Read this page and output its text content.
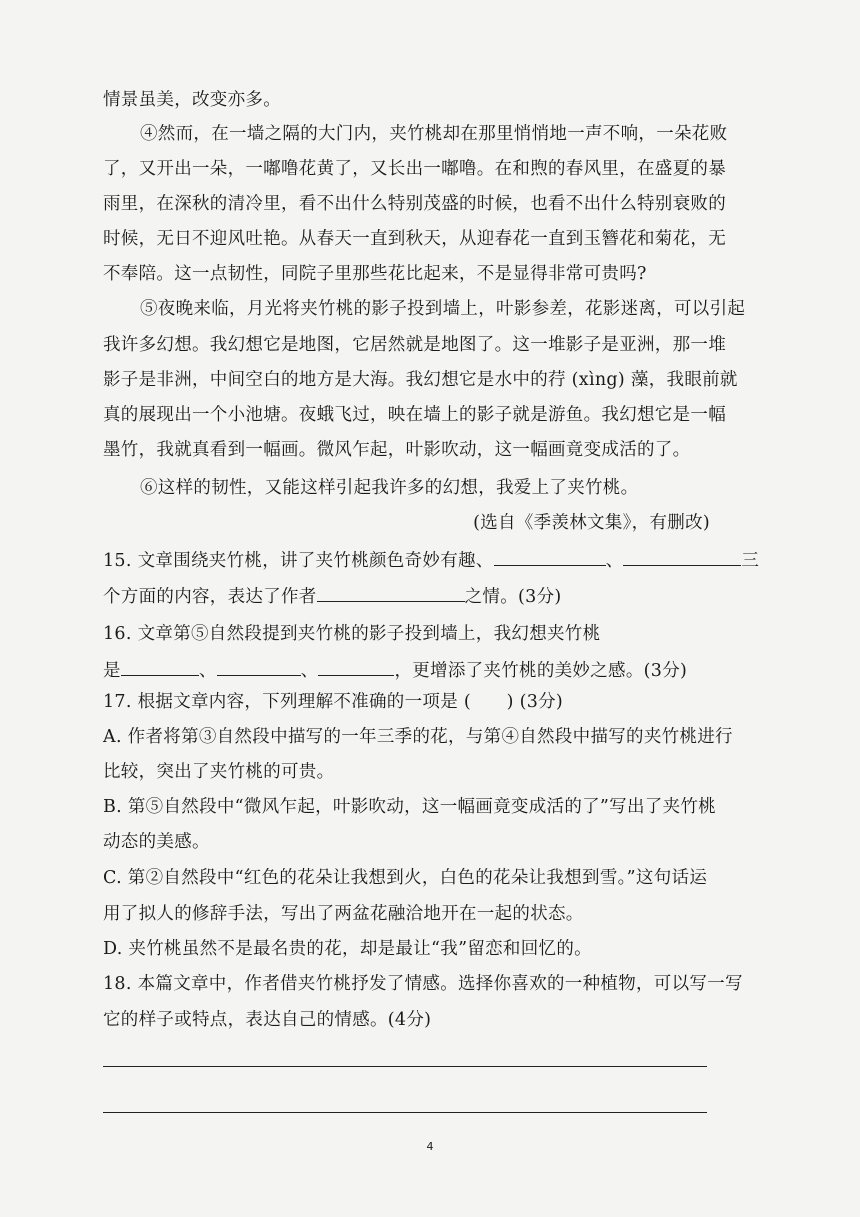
情景虽美，改变亦多。
④然而，在一墙之隔的大门内，夹竹桃却在那里悄悄地一声不响，一朵花败
了，又开出一朵，一嘟噜花黄了，又长出一嘟噜。在和煦的春风里，在盛夏的暴
雨里，在深秋的清冷里，看不出什么特别茂盛的时候，也看不出什么特别衰败的
时候，无日不迎风吐艳。从春天一直到秋天，从迎春花一直到玉簪花和菊花，无
不奉陪。这一点韧性，同院子里那些花比起来，不是显得非常可贵吗?
⑤夜晚来临，月光将夹竹桃的影子投到墙上，叶影参差，花影迷离，可以引起
我许多幻想。我幻想它是地图，它居然就是地图了。这一堆影子是亚洲，那一堆
影子是非洲，中间空白的地方是大海。我幻想它是水中的荇 (xìng) 藻，我眼前就
真的展现出一个小池塘。夜蛾飞过，映在墙上的影子就是游鱼。我幻想它是一幅
墨竹，我就真看到一幅画。微风乍起，叶影吹动，这一幅画竟变成活的了。
⑥这样的韧性，又能这样引起我许多的幻想，我爱上了夹竹桃。
(选自《季羡林文集》，有删改)
15. 文章围绕夹竹桃，讲了夹竹桃颜色奇妙有趣、	、	三
个方面的内容，表达了作者	之情。(3分)
16. 文章第⑤自然段提到夹竹桃的影子投到墙上，我幻想夹竹桃
是	、	、	，更增添了夹竹桃的美妙之感。(3分)
17. 根据文章内容，下列理解不准确的一项是 (　　) (3分)
A. 作者将第③自然段中描写的一年三季的花，与第④自然段中描写的夹竹桃进行
比较，突出了夹竹桃的可贵。
B. 第⑤自然段中“微风乍起，叶影吹动，这一幅画竟变成活的了”写出了夹竹桃
动态的美感。
C. 第②自然段中“红色的花朵让我想到火，白色的花朵让我想到雪。”这句话运
用了拟人的修辞手法，写出了两盆花融洽地开在一起的状态。
D. 夹竹桃虽然不是最名贵的花，却是最让“我”留恋和回忆的。
18. 本篇文章中，作者借夹竹桃抒发了情感。选择你喜欢的一种植物，可以写一写
它的样子或特点，表达自己的情感。(4分)
4
